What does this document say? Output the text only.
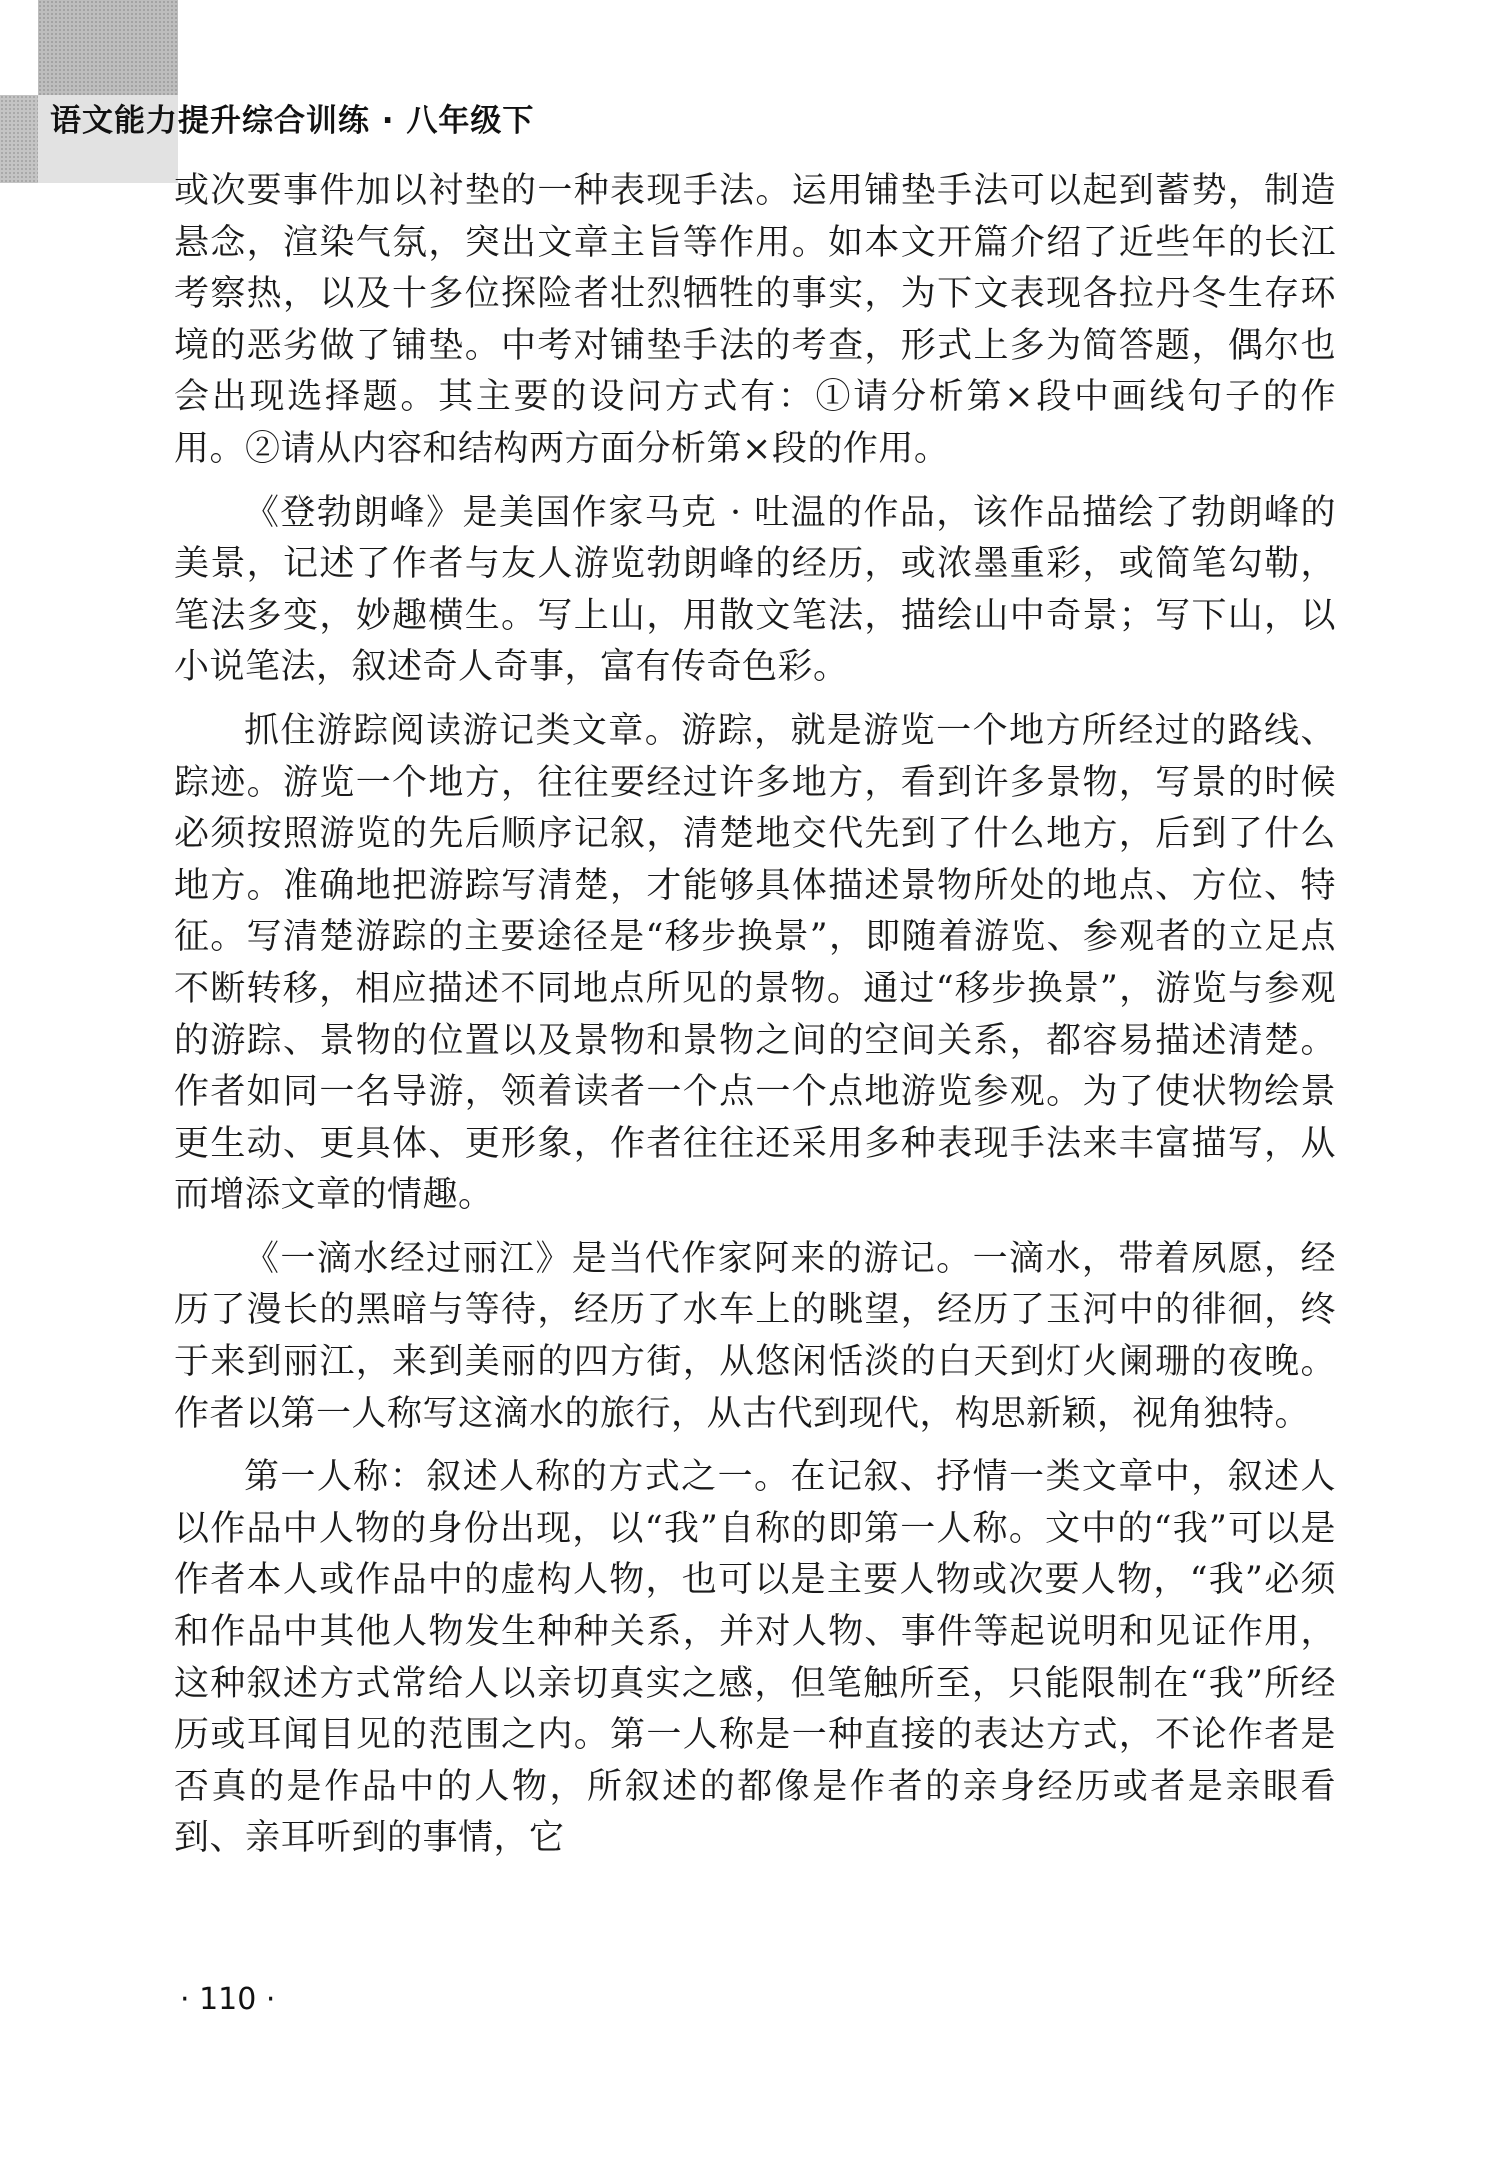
语文能力提升综合训练 · 八年级下

或次要事件加以衬垫的一种表现手法。运用铺垫手法可以起到蓄势，制造悬念，渲染气氛，突出文章主旨等作用。如本文开篇介绍了近些年的长江考察热，以及十多位探险者壮烈牺牲的事实，为下文表现各拉丹冬生存环境的恶劣做了铺垫。中考对铺垫手法的考查，形式上多为简答题，偶尔也会出现选择题。其主要的设问方式有：①请分析第×段中画线句子的作用。②请从内容和结构两方面分析第×段的作用。

《登勃朗峰》是美国作家马克 · 吐温的作品，该作品描绘了勃朗峰的美景，记述了作者与友人游览勃朗峰的经历，或浓墨重彩，或简笔勾勒，笔法多变，妙趣横生。写上山，用散文笔法，描绘山中奇景；写下山，以小说笔法，叙述奇人奇事，富有传奇色彩。

抓住游踪阅读游记类文章。游踪，就是游览一个地方所经过的路线、踪迹。游览一个地方，往往要经过许多地方，看到许多景物，写景的时候必须按照游览的先后顺序记叙，清楚地交代先到了什么地方，后到了什么地方。准确地把游踪写清楚，才能够具体描述景物所处的地点、方位、特征。写清楚游踪的主要途径是“移步换景”，即随着游览、参观者的立足点不断转移，相应描述不同地点所见的景物。通过“移步换景”，游览与参观的游踪、景物的位置以及景物和景物之间的空间关系，都容易描述清楚。作者如同一名导游，领着读者一个点一个点地游览参观。为了使状物绘景更生动、更具体、更形象，作者往往还采用多种表现手法来丰富描写，从而增添文章的情趣。

《一滴水经过丽江》是当代作家阿来的游记。一滴水，带着夙愿，经历了漫长的黑暗与等待，经历了水车上的眺望，经历了玉河中的徘徊，终于来到丽江，来到美丽的四方街，从悠闲恬淡的白天到灯火阑珊的夜晚。作者以第一人称写这滴水的旅行，从古代到现代，构思新颖，视角独特。

第一人称：叙述人称的方式之一。在记叙、抒情一类文章中，叙述人以作品中人物的身份出现，以“我”自称的即第一人称。文中的“我”可以是作者本人或作品中的虚构人物，也可以是主要人物或次要人物，“我”必须和作品中其他人物发生种种关系，并对人物、事件等起说明和见证作用，这种叙述方式常给人以亲切真实之感，但笔触所至，只能限制在“我”所经历或耳闻目见的范围之内。第一人称是一种直接的表达方式，不论作者是否真的是作品中的人物，所叙述的都像是作者的亲身经历或者是亲眼看到、亲耳听到的事情，它

· 110 ·
